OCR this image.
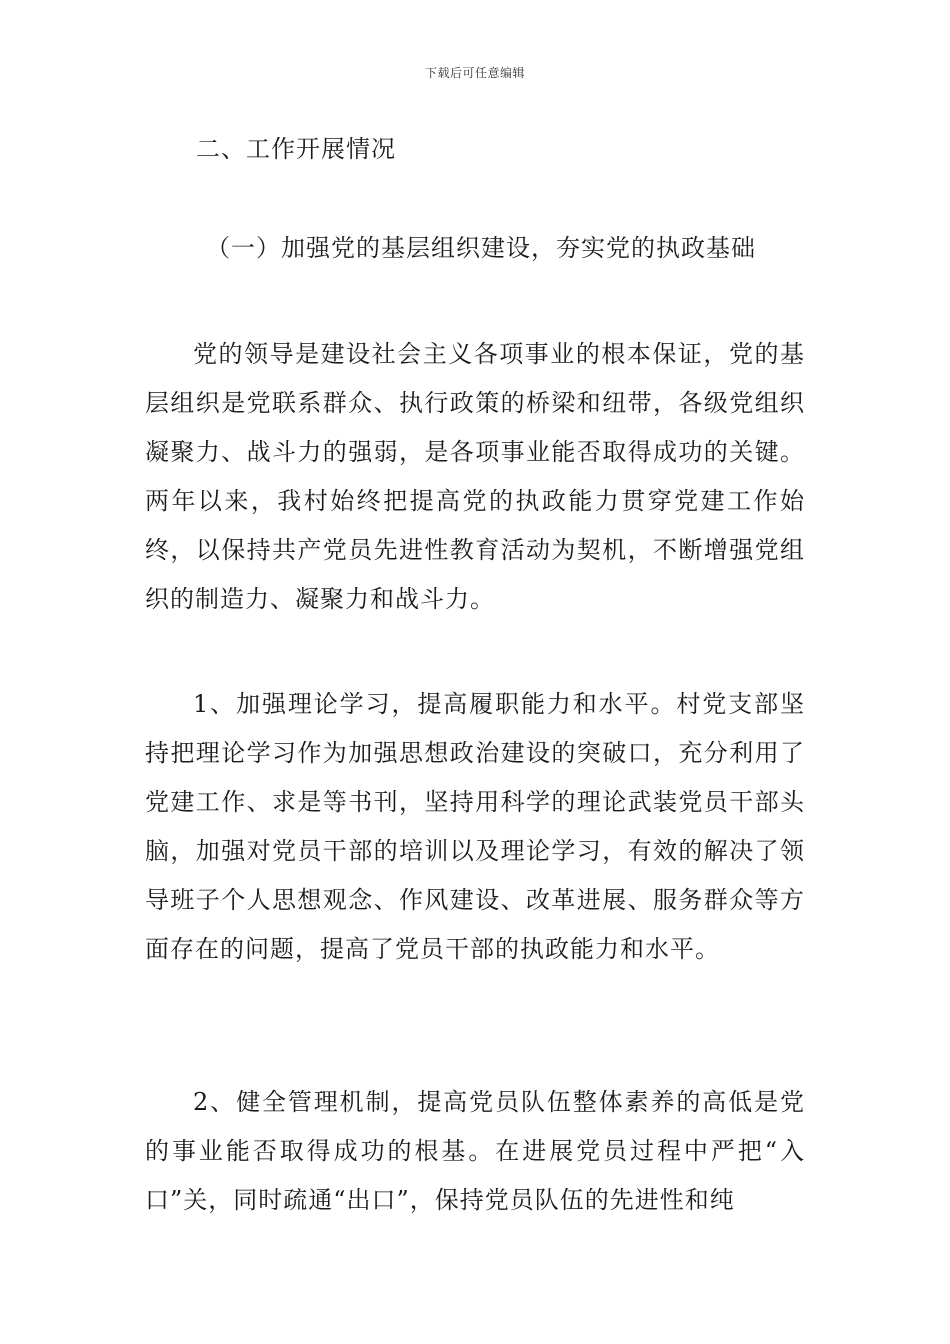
下载后可任意编辑
二、工作开展情况
（一）加强党的基层组织建设，夯实党的执政基础
党的领导是建设社会主义各项事业的根本保证，党的基层组织是党联系群众、执行政策的桥梁和纽带，各级党组织凝聚力、战斗力的强弱，是各项事业能否取得成功的关键。两年以来，我村始终把提高党的执政能力贯穿党建工作始终，以保持共产党员先进性教育活动为契机，不断增强党组织的制造力、凝聚力和战斗力。
1、加强理论学习，提高履职能力和水平。村党支部坚持把理论学习作为加强思想政治建设的突破口，充分利用了党建工作、求是等书刊，坚持用科学的理论武装党员干部头脑，加强对党员干部的培训以及理论学习，有效的解决了领导班子个人思想观念、作风建设、改革进展、服务群众等方面存在的问题，提高了党员干部的执政能力和水平。
2、健全管理机制，提高党员队伍整体素养的高低是党的事业能否取得成功的根基。在进展党员过程中严把“入口”关，同时疏通“出口”，保持党员队伍的先进性和纯
